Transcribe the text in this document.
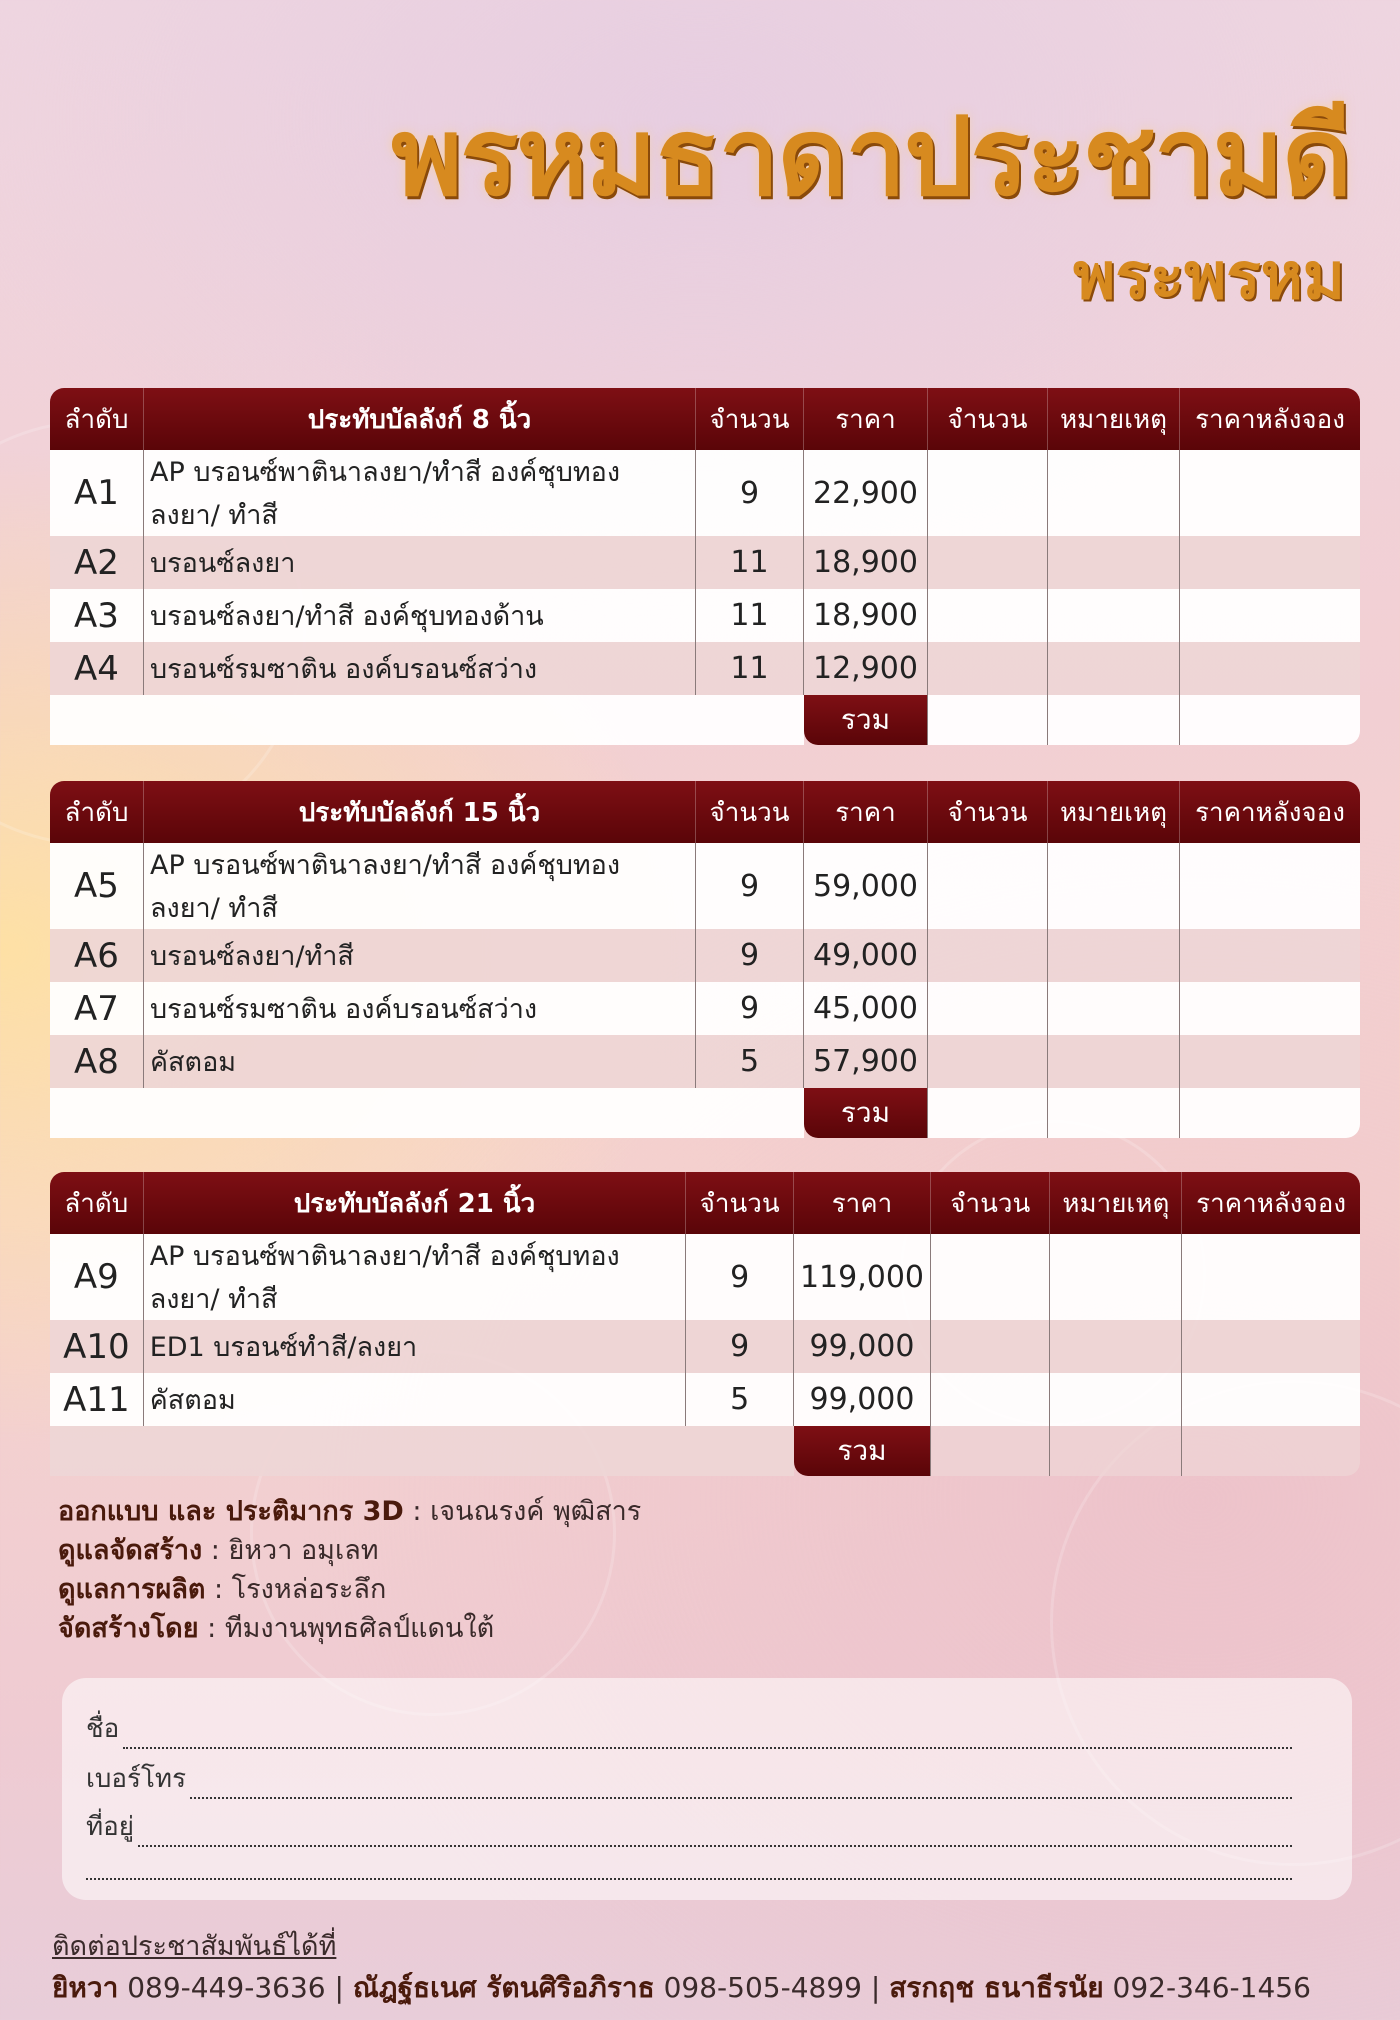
พรหมธาดาประชามดี
พระพรหม
ลำดับ	ประทับบัลลังก์ 8 นิ้ว	จำนวน	ราคา	จำนวน	หมายเหตุ	ราคาหลังจอง
A1	AP บรอนซ์พาตินาลงยา/ทำสี องค์ชุบทอง ลงยา/ ทำสี	9	22,900			
A2	บรอนซ์ลงยา	11	18,900			
A3	บรอนซ์ลงยา/ทำสี องค์ชุบทองด้าน	11	18,900			
A4	บรอนซ์รมซาติน องค์บรอนซ์สว่าง	11	12,900			
			รวม			
ลำดับ	ประทับบัลลังก์ 15 นิ้ว	จำนวน	ราคา	จำนวน	หมายเหตุ	ราคาหลังจอง
A5	AP บรอนซ์พาตินาลงยา/ทำสี องค์ชุบทอง ลงยา/ ทำสี	9	59,000			
A6	บรอนซ์ลงยา/ทำสี	9	49,000			
A7	บรอนซ์รมซาติน องค์บรอนซ์สว่าง	9	45,000			
A8	คัสตอม	5	57,900			
			รวม			
ลำดับ	ประทับบัลลังก์ 21 นิ้ว	จำนวน	ราคา	จำนวน	หมายเหตุ	ราคาหลังจอง
A9	AP บรอนซ์พาตินาลงยา/ทำสี องค์ชุบทอง ลงยา/ ทำสี	9	119,000			
A10	ED1 บรอนซ์ทำสี/ลงยา	9	99,000			
A11	คัสตอม	5	99,000			
			รวม			
ออกแบบ และ ประติมากร 3D : เจนณรงค์ พุฒิสาร
ดูแลจัดสร้าง : ยิหวา อมุเลท
ดูแลการผลิต : โรงหล่อระลึก
จัดสร้างโดย : ทีมงานพุทธศิลป์แดนใต้
ชื่อ
เบอร์โทร
ที่อยู่
ติดต่อประชาสัมพันธ์ได้ที่
ยิหวา 089-449-3636 | ณัฎฐ์ธเนศ รัตนศิริอภิราธ 098-505-4899 | สรกฤช ธนาธีรนัย 092-346-1456
